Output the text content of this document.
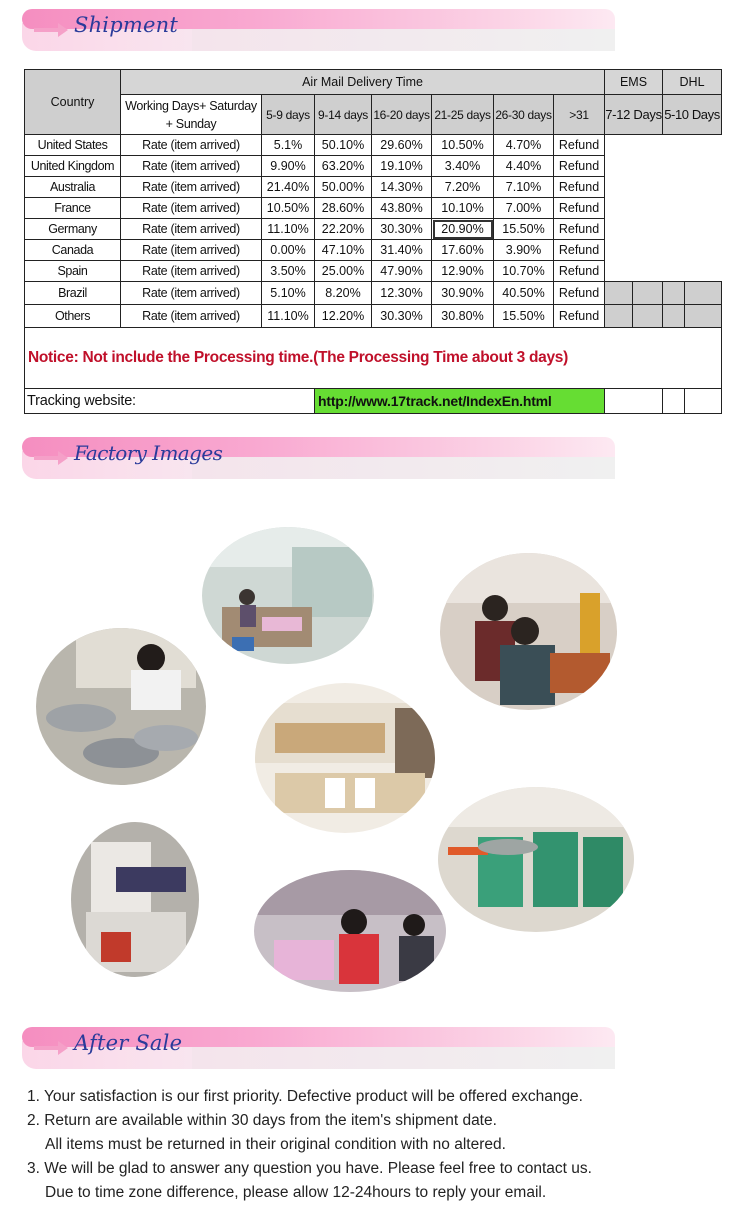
Shipment
Country	Air Mail Delivery Time							EMS		DHL	
	Working Days+ Saturday + Sunday	5-9 days	9-14 days	16-20 days	21-25 days	26-30 days	>31	7-12 Days		5-10 Days	
United States	Rate (item arrived)	5.1%	50.10%	29.60%	10.50%	4.70%	Refund				
United Kingdom	Rate (item arrived)	9.90%	63.20%	19.10%	3.40%	4.40%	Refund				
Australia	Rate (item arrived)	21.40%	50.00%	14.30%	7.20%	7.10%	Refund				
France	Rate (item arrived)	10.50%	28.60%	43.80%	10.10%	7.00%	Refund				
Germany	Rate (item arrived)	11.10%	22.20%	30.30%	20.90%	15.50%	Refund				
Canada	Rate (item arrived)	0.00%	47.10%	31.40%	17.60%	3.90%	Refund				
Spain	Rate (item arrived)	3.50%	25.00%	47.90%	12.90%	10.70%	Refund				
Brazil	Rate (item arrived)	5.10%	8.20%	12.30%	30.90%	40.50%	Refund				
Others	Rate (item arrived)	11.10%	12.20%	30.30%	30.80%	15.50%	Refund				
Notice: Not include the Processing time.(The Processing Time about 3 days)											
Tracking website:			http://www.17track.net/IndexEn.html								
Factory Images
After Sale
1. Your satisfaction is our first priority. Defective product will be offered exchange.
2. Return are available within 30 days from the item's shipment date.
All items must be returned in their original condition with no altered.
3. We will be glad to answer any question you have. Please feel free to contact us.
Due to time zone difference, please allow 12-24hours to reply your email.
